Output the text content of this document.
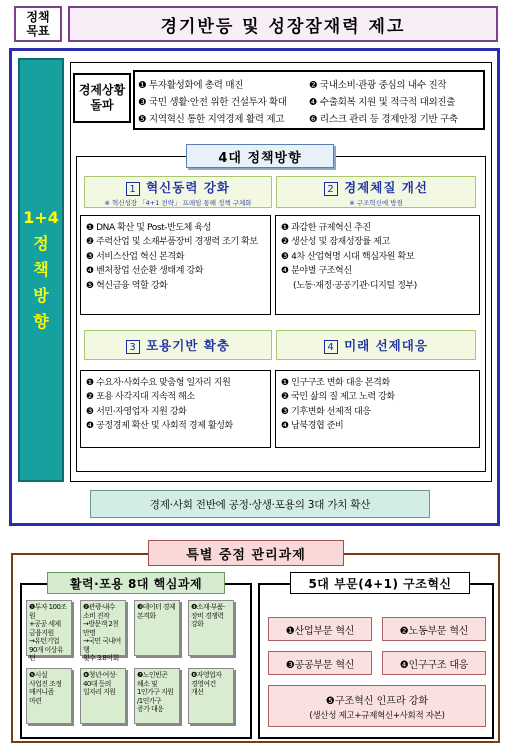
정책
목표	경기반등 및 성장잠재력 제고
1+4
정
책
방
향
경제상황
돌파
❶ 투자활성화에 총력 매진	❷ 국내소비·관광 중심의 내수 진작
❸ 국민 생활·안전 위한 건설투자 확대 ❹ 수출회복 지원 및 적극적 대외진출
❺ 지역혁신 통한 지역경제 활력 제고	❻ 리스크 관리 등 경제안정 기반 구축
4대 정책방향
1 혁신동력 강화
※ 혁신성장 「4+1 전략」 프레임 통해 정책 구체화
❶ DNA 확산 및 Post-반도체 육성
❷ 주력산업 및 소재부품장비 경쟁력 조기 확보
❸ 서비스산업 혁신 본격화
❹ 벤처창업 선순환 생태계 강화
❺ 혁신금융 역할 강화
2 경제체질 개선
※ 구조혁신에 방점
❶ 과감한 규제혁신 추진
❷ 생산성 및 잠재성장률 제고
❸ 4차 산업혁명 시대 핵심자원 확보
❹ 분야별 구조혁신
(노동·재정·공공기관·디지털 정부)
3 포용기반 확충
❶ 수요자·사회수요 맞춤형 일자리 지원
❷ 포용 사각지대 지속적 해소
❸ 서민·자영업자 지원 강화
❹ 공정경제 확산 및 사회적 경제 활성화
4 미래 선제대응
❶ 인구구조 변화 대응 본격화
❷ 국민 삶의 질 제고 노력 강화
❸ 기후변화 선제적 대응
❹ 남북경협 준비
경제·사회 전반에 공정·상생·포용의 3대 가치 확산
특별 중점 관리과제
활력·포용 8대 핵심과제
❶투자 100조원
+공공 세제
금융지원
→유턴기업
90개 이상유턴
❷관광·내수
소비 진작
→방문객 2천만명
→국민 국내여행
횟수 3.8억회
❸데이터 경제
본격화
❹소재·부품·
장비 경쟁력
강화
❺시설
사업진 조정
매커니즘
마련
❻청년·여성·
40대 등의
일자리 지원
❼노인빈곤
해소 및
1인가구 지원
/1인가구
증가 대응
❽자영업자
경영여건
개선
5대 부문(4+1) 구조혁신
❶산업부문 혁신	❷노동부문 혁신
❸공공부문 혁신	❹인구구조 대응
❺구조혁신 인프라 강화
(생산성 제고+규제혁신+사회적 자본)
